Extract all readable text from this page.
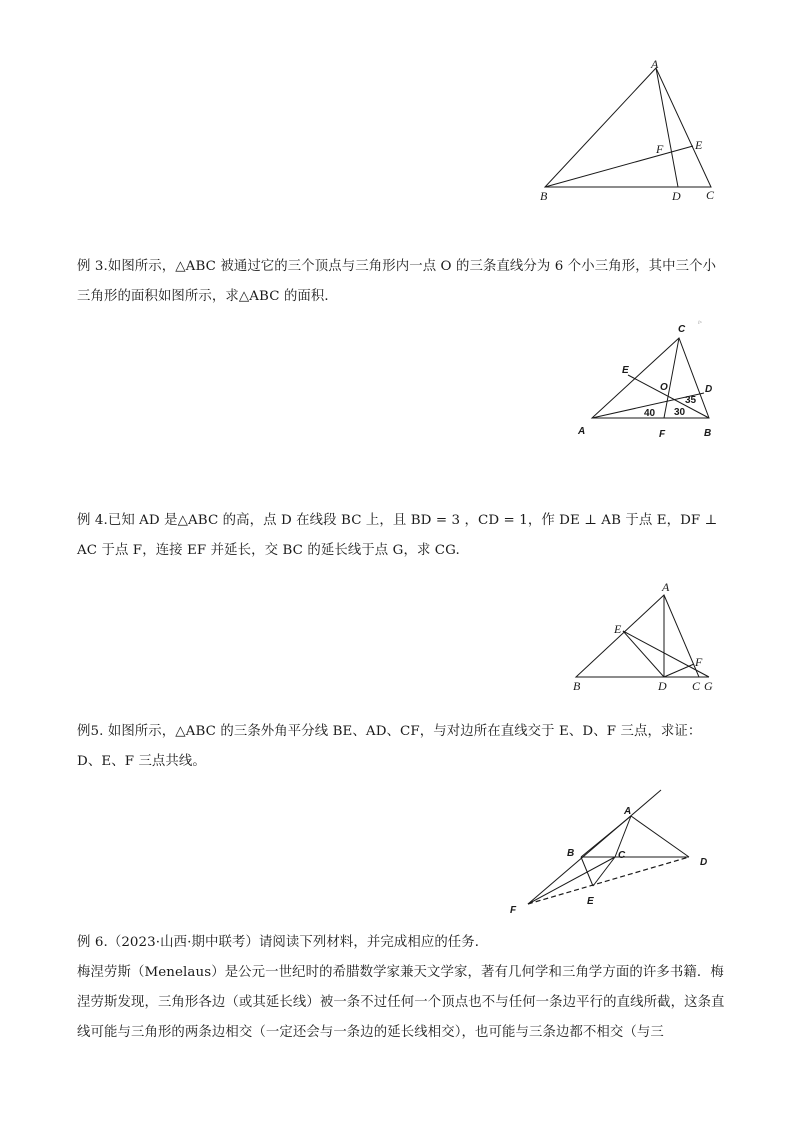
A
B	C
D
E
F

例 3.如图所示，△ABC 被通过它的三个顶点与三角形内一点 O 的三条直线分为 6 个小三角形，其中三个小三角形的面积如图所示，求△ABC 的面积．

C
▹
E
O	D
A	F	B
40 30
35

例 4.已知 AD 是△ABC 的高，点 D 在线段 BC 上，且 BD = 3 ，CD = 1，作 DE ⊥ AB 于点 E，DF ⊥ AC 于点 F，连接 EF 并延长，交 BC 的延长线于点 G，求 CG.

A
E
F
B	D C G

例5. 如图所示，△ABC 的三条外角平分线 BE、AD、CF，与对边所在直线交于 E、D、F 三点，求证：D、E、F 三点共线。

A
B	C
D
E
F

例 6.（2023·山西·期中联考）请阅读下列材料，并完成相应的任务．

梅涅劳斯（Menelaus）是公元一世纪时的希腊数学家兼天文学家，著有几何学和三角学方面的许多书籍．梅涅劳斯发现，三角形各边（或其延长线）被一条不过任何一个顶点也不与任何一条边平行的直线所截，这条直线可能与三角形的两条边相交（一定还会与一条边的延长线相交），也可能与三条边都不相交（与三
